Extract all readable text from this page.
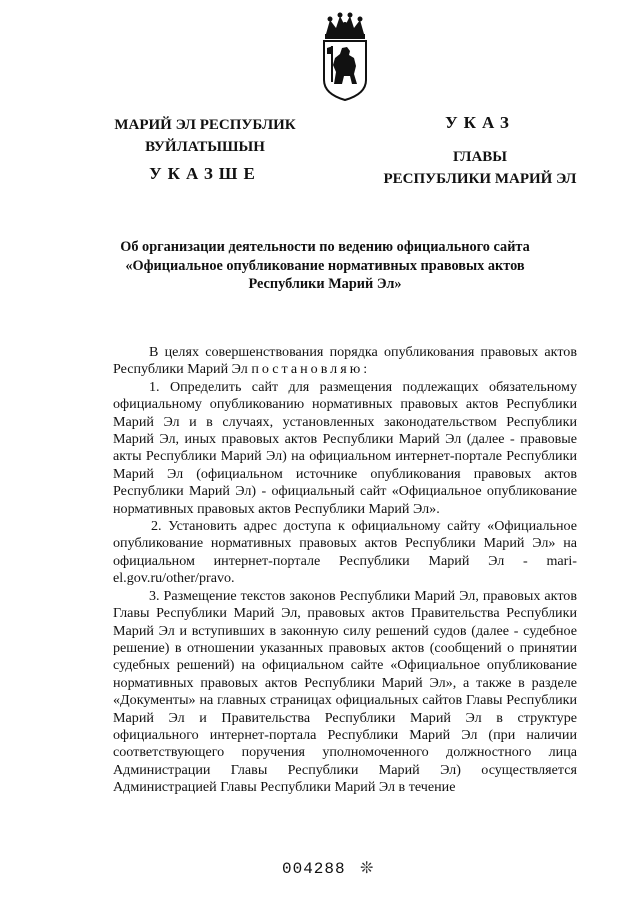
МАРИЙ ЭЛ РЕСПУБЛИК
ВУЙЛАТЫШЫН
УКАЗШЕ
УКАЗ
ГЛАВЫ
РЕСПУБЛИКИ МАРИЙ ЭЛ
Об организации деятельности по ведению официального сайта
«Официальное опубликование нормативных правовых актов
Республики Марий Эл»

В целях совершенствования порядка опубликования правовых актов Республики Марий Эл постановляю:

1. Определить сайт для размещения подлежащих обязательному официальному опубликованию нормативных правовых актов Республики Марий Эл и в случаях, установленных законодательством Республики Марий Эл, иных правовых актов Республики Марий Эл (далее - правовые акты Республики Марий Эл) на официальном интернет-портале Республики Марий Эл (официальном источнике опубликования правовых актов Республики Марий Эл) - официальный сайт «Официальное опубликование нормативных правовых актов Республики Марий Эл».

2. Установить адрес доступа к официальному сайту «Официальное опубликование нормативных правовых актов Республики Марий Эл» на официальном интернет-портале Республики Марий Эл - mari-el.gov.ru/other/pravo.

3. Размещение текстов законов Республики Марий Эл, правовых актов Главы Республики Марий Эл, правовых актов Правительства Республики Марий Эл и вступивших в законную силу решений судов (далее - судебное решение) в отношении указанных правовых актов (сообщений о принятии судебных решений) на официальном сайте «Официальное опубликование нормативных правовых актов Республики Марий Эл», а также в разделе «Документы» на главных страницах официальных сайтов Главы Республики Марий Эл и Правительства Республики Марий Эл в структуре официального интернет-портала Республики Марий Эл (при наличии соответствующего поручения уполномоченного должностного лица Администрации Главы Республики Марий Эл) осуществляется Администрацией Главы Республики Марий Эл в течение

004288 ❊
